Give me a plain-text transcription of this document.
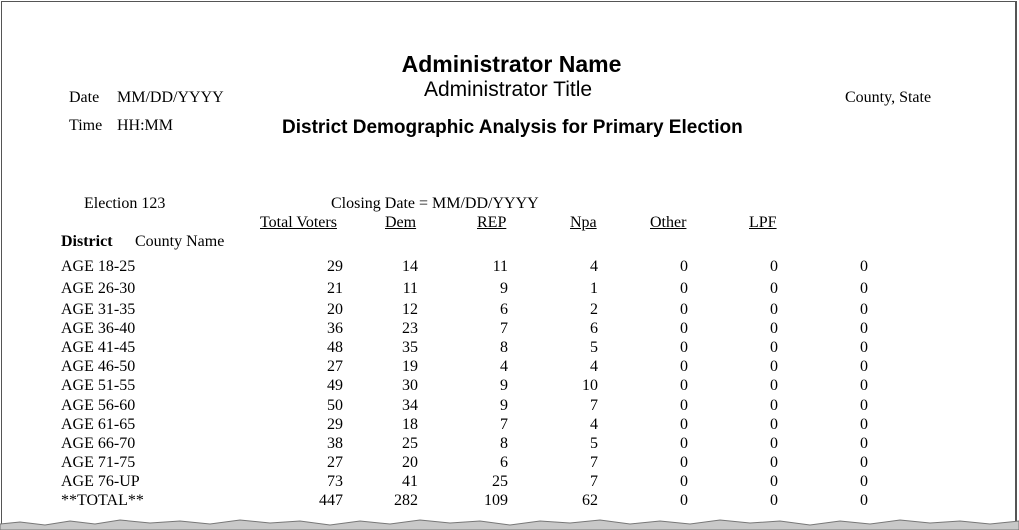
Administrator Name
Administrator Title
Date MM/DD/YYYY
Time HH:MM	District Demographic Analysis for Primary Election
County, State
Election 123	Closing Date = MM/DD/YYYY
Total Voters	Dem	REP	Npa	Other	LPF
District County Name
AGE 18-25	29	14	11	4	0	0	0
AGE 26-30	21	11	9	1	0	0	0
AGE 31-35	20	12	6	2	0	0	0
AGE 36-40	36	23	7	6	0	0	0
AGE 41-45	48	35	8	5	0	0	0
AGE 46-50	27	19	4	4	0	0	0
AGE 51-55	49	30	9	10	0	0	0
AGE 56-60	50	34	9	7	0	0	0
AGE 61-65	29	18	7	4	0	0	0
AGE 66-70	38	25	8	5	0	0	0
AGE 71-75	27	20	6	7	0	0	0
AGE 76-UP	73	41	25	7	0	0	0
**TOTAL**	447	282	109	62	0	0	0
